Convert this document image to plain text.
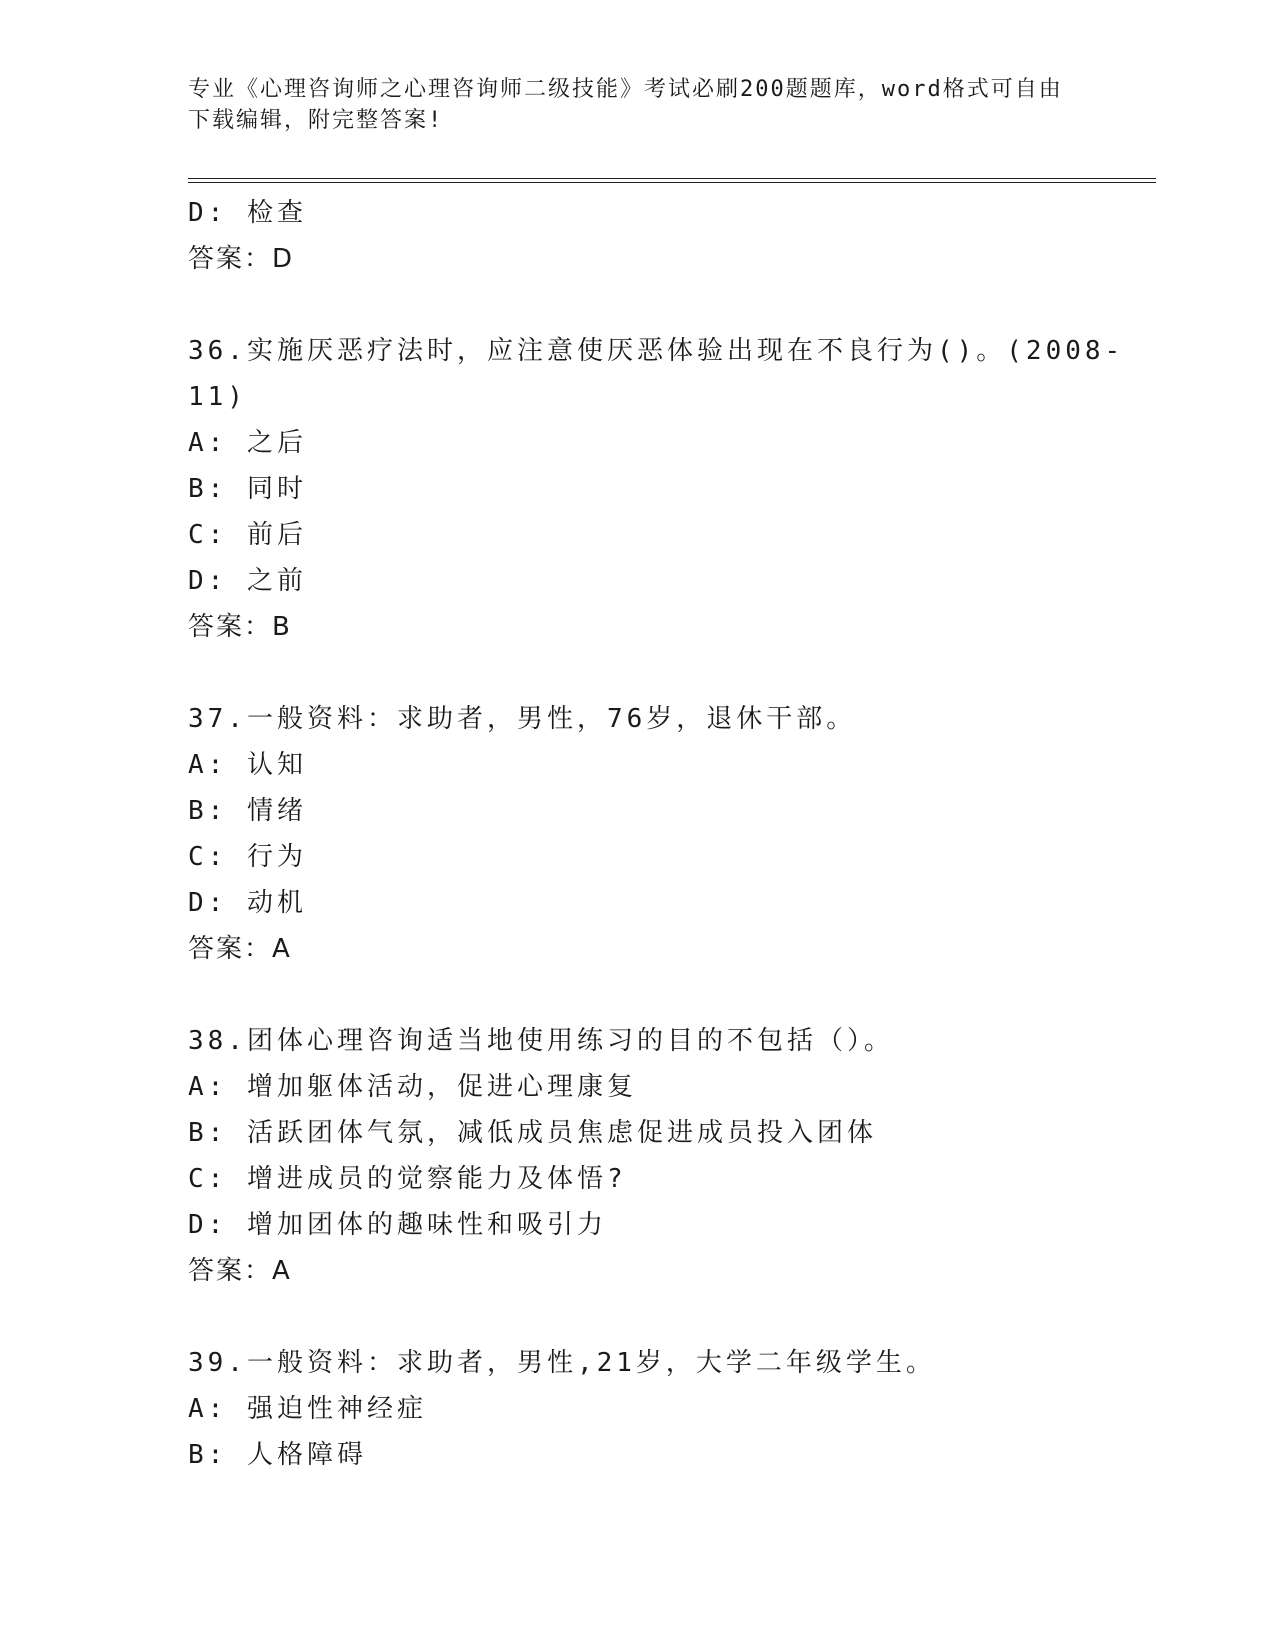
专业《心理咨询师之心理咨询师二级技能》考试必刷200题题库，word格式可自由下载编辑，附完整答案!
D: 检查
答案：D
36.实施厌恶疗法时，应注意使厌恶体验出现在不良行为()。(2008-
11)
A: 之后
B: 同时
C: 前后
D: 之前
答案：B
37.一般资料：求助者，男性，76岁，退休干部。
A: 认知
B: 情绪
C: 行为
D: 动机
答案：A
38.团体心理咨询适当地使用练习的目的不包括（）。
A: 增加躯体活动，促进心理康复
B: 活跃团体气氛，减低成员焦虑促进成员投入团体
C: 增进成员的觉察能力及体悟?
D: 增加团体的趣味性和吸引力
答案：A
39.一般资料：求助者，男性,21岁，大学二年级学生。
A: 强迫性神经症
B: 人格障碍
